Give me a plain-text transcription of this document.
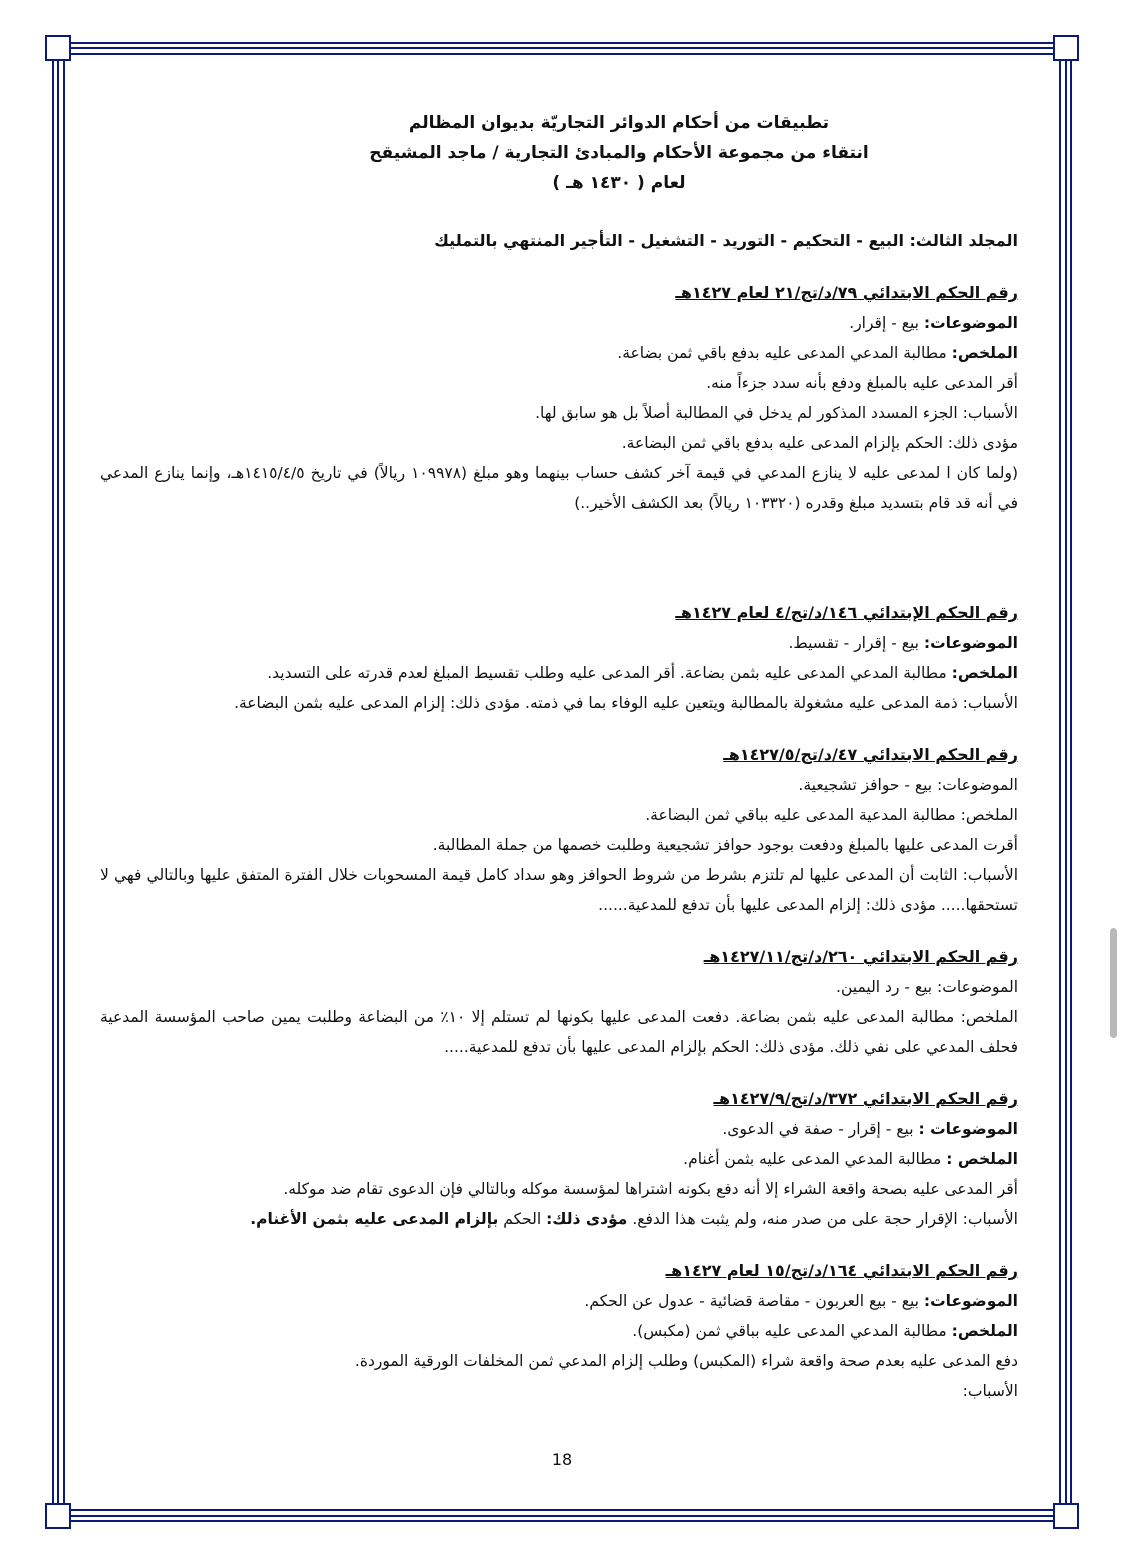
تطبيقات من أحكام الدوائر التجاريّة بديوان المظالم
انتقاء من مجموعة الأحكام والمبادئ التجارية / ماجد المشيقح
لعام ( ١٤٣٠ هـ )
المجلد الثالث: البيع - التحكيم - التوريد - التشغيل - التأجير المنتهي بالتمليك
رقم الحكم الابتدائي ٧٩/د/تج/٢١ لعام ١٤٢٧هـ

الموضوعات: بيع - إقرار.

الملخص: مطالبة المدعي المدعى عليه بدفع باقي ثمن بضاعة.

أقر المدعى عليه بالمبلغ ودفع بأنه سدد جزءاً منه.

الأسباب: الجزء المسدد المذكور لم يدخل في المطالبة أصلاً بل هو سابق لها.

مؤدى ذلك: الحكم بإلزام المدعى عليه بدفع باقي ثمن البضاعة.

(ولما كان ا لمدعى عليه لا ينازع المدعي في قيمة آخر كشف حساب بينهما وهو مبلغ (١٠٩٩٧٨ ريالاً) في تاريخ ١٤١٥/٤/٥هـ، وإنما ينازع المدعي في أنه قد قام بتسديد مبلغ وقدره (١٠٣٣٢٠ ريالاً) بعد الكشف الأخير..)

رقم الحكم الإبتدائي ١٤٦/د/تج/٤ لعام ١٤٢٧هـ

الموضوعات: بيع - إقرار - تقسيط.

الملخص: مطالبة المدعي المدعى عليه بثمن بضاعة. أقر المدعى عليه وطلب تقسيط المبلغ لعدم قدرته على التسديد.

الأسباب: ذمة المدعى عليه مشغولة بالمطالبة ويتعين عليه الوفاء بما في ذمته. مؤدى ذلك: إلزام المدعى عليه بثمن البضاعة.

رقم الحكم الابتدائي ٤٧/د/تج/١٤٢٧/٥هـ

الموضوعات: بيع - حوافز تشجيعية.

الملخص: مطالبة المدعية المدعى عليه بباقي ثمن البضاعة.

أقرت المدعى عليها بالمبلغ ودفعت بوجود حوافز تشجيعية وطلبت خصمها من جملة المطالبة.

الأسباب: الثابت أن المدعى عليها لم تلتزم بشرط من شروط الحوافز وهو سداد كامل قيمة المسحوبات خلال الفترة المتفق عليها وبالتالي فهي لا تستحقها..... مؤدى ذلك: إلزام المدعى عليها بأن تدفع للمدعية......

رقم الحكم الابتدائي ٢٦٠/د/تج/١٤٢٧/١١هـ

الموضوعات: بيع - رد اليمين.

الملخص: مطالبة المدعى عليه بثمن بضاعة. دفعت المدعى عليها بكونها لم تستلم إلا ١٠٪ من البضاعة وطلبت يمين صاحب المؤسسة المدعية فحلف المدعي على نفي ذلك. مؤدى ذلك: الحكم بإلزام المدعى عليها بأن تدفع للمدعية.....

رقم الحكم الابتدائي ٣٧٢/د/تج/١٤٢٧/٩هـ

الموضوعات : بيع - إقرار - صفة في الدعوى.

الملخص : مطالبة المدعي المدعى عليه بثمن أغنام.

أقر المدعى عليه بصحة واقعة الشراء إلا أنه دفع بكونه اشتراها لمؤسسة موكله وبالتالي فإن الدعوى تقام ضد موكله.

الأسباب: الإقرار حجة على من صدر منه، ولم يثبت هذا الدفع. مؤدى ذلك: الحكم بإلزام المدعى عليه بثمن الأغنام.

رقم الحكم الابتدائي ١٦٤/د/تج/١٥ لعام ١٤٢٧هـ

الموضوعات: بيع - بيع العربون - مقاصة قضائية - عدول عن الحكم.

الملخص: مطالبة المدعي المدعى عليه بباقي ثمن (مكبس).

دفع المدعى عليه بعدم صحة واقعة شراء (المكبس) وطلب إلزام المدعي ثمن المخلفات الورقية الموردة.

الأسباب:

18
